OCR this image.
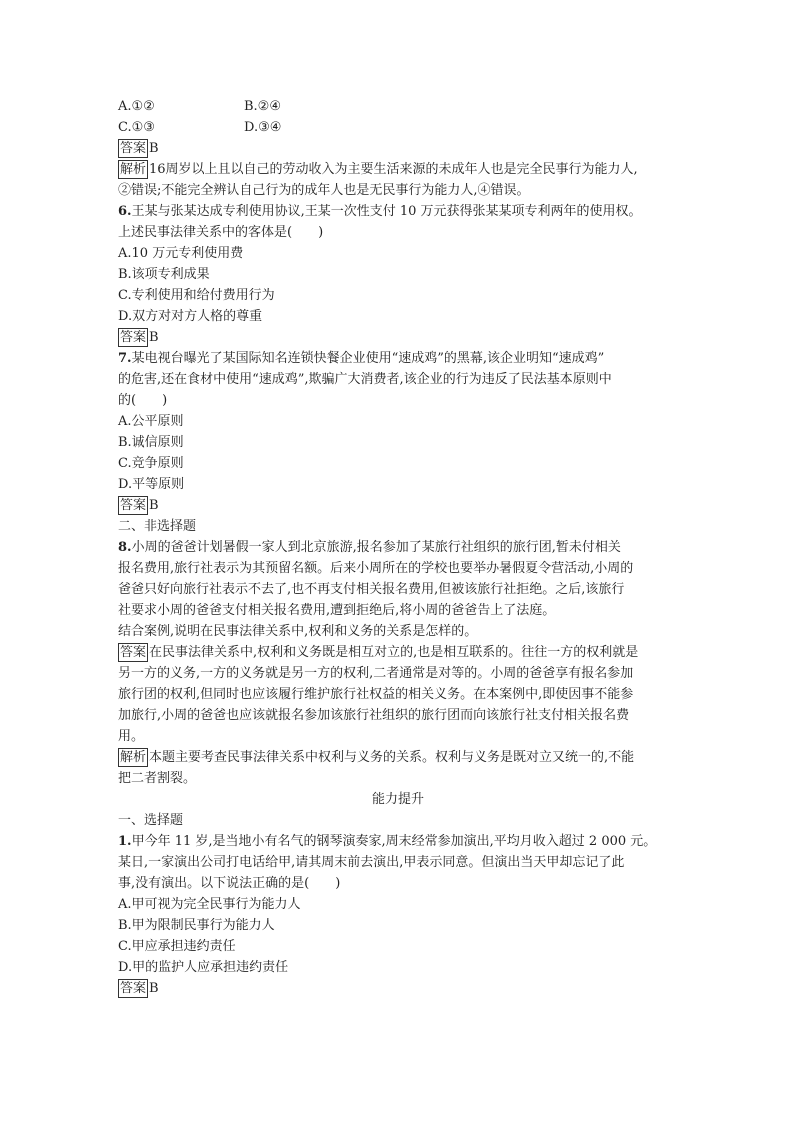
A.①②	B.②④
C.①③	D.③④

答案 B

解析 16周岁以上且以自己的劳动收入为主要生活来源的未成年人也是完全民事行为能力人,

②错误;不能完全辨认自己行为的成年人也是无民事行为能力人,④错误。

6.王某与张某达成专利使用协议,王某一次性支付 10 万元获得张某某项专利两年的使用权。

上述民事法律关系中的客体是(　　)

A.10 万元专利使用费

B.该项专利成果

C.专利使用和给付费用行为

D.双方对对方人格的尊重

答案 B

7.某电视台曝光了某国际知名连锁快餐企业使用“速成鸡”的黑幕,该企业明知“速成鸡”

的危害,还在食材中使用“速成鸡”,欺骗广大消费者,该企业的行为违反了民法基本原则中

的(　　)

A.公平原则

B.诚信原则

C.竞争原则

D.平等原则

答案 B

二、非选择题

8.小周的爸爸计划暑假一家人到北京旅游,报名参加了某旅行社组织的旅行团,暂未付相关

报名费用,旅行社表示为其预留名额。后来小周所在的学校也要举办暑假夏令营活动,小周的

爸爸只好向旅行社表示不去了,也不再支付相关报名费用,但被该旅行社拒绝。之后,该旅行

社要求小周的爸爸支付相关报名费用,遭到拒绝后,将小周的爸爸告上了法庭。

结合案例,说明在民事法律关系中,权利和义务的关系是怎样的。

答案 在民事法律关系中,权利和义务既是相互对立的,也是相互联系的。往往一方的权利就是

另一方的义务,一方的义务就是另一方的权利,二者通常是对等的。小周的爸爸享有报名参加

旅行团的权利,但同时也应该履行维护旅行社权益的相关义务。在本案例中,即使因事不能参

加旅行,小周的爸爸也应该就报名参加该旅行社组织的旅行团而向该旅行社支付相关报名费

用。

解析 本题主要考查民事法律关系中权利与义务的关系。权利与义务是既对立又统一的,不能

把二者割裂。

能力提升

一、选择题

1.甲今年 11 岁,是当地小有名气的钢琴演奏家,周末经常参加演出,平均月收入超过 2 000 元。

某日,一家演出公司打电话给甲,请其周末前去演出,甲表示同意。但演出当天甲却忘记了此

事,没有演出。以下说法正确的是(　　)

A.甲可视为完全民事行为能力人

B.甲为限制民事行为能力人

C.甲应承担违约责任

D.甲的监护人应承担违约责任

答案 B
